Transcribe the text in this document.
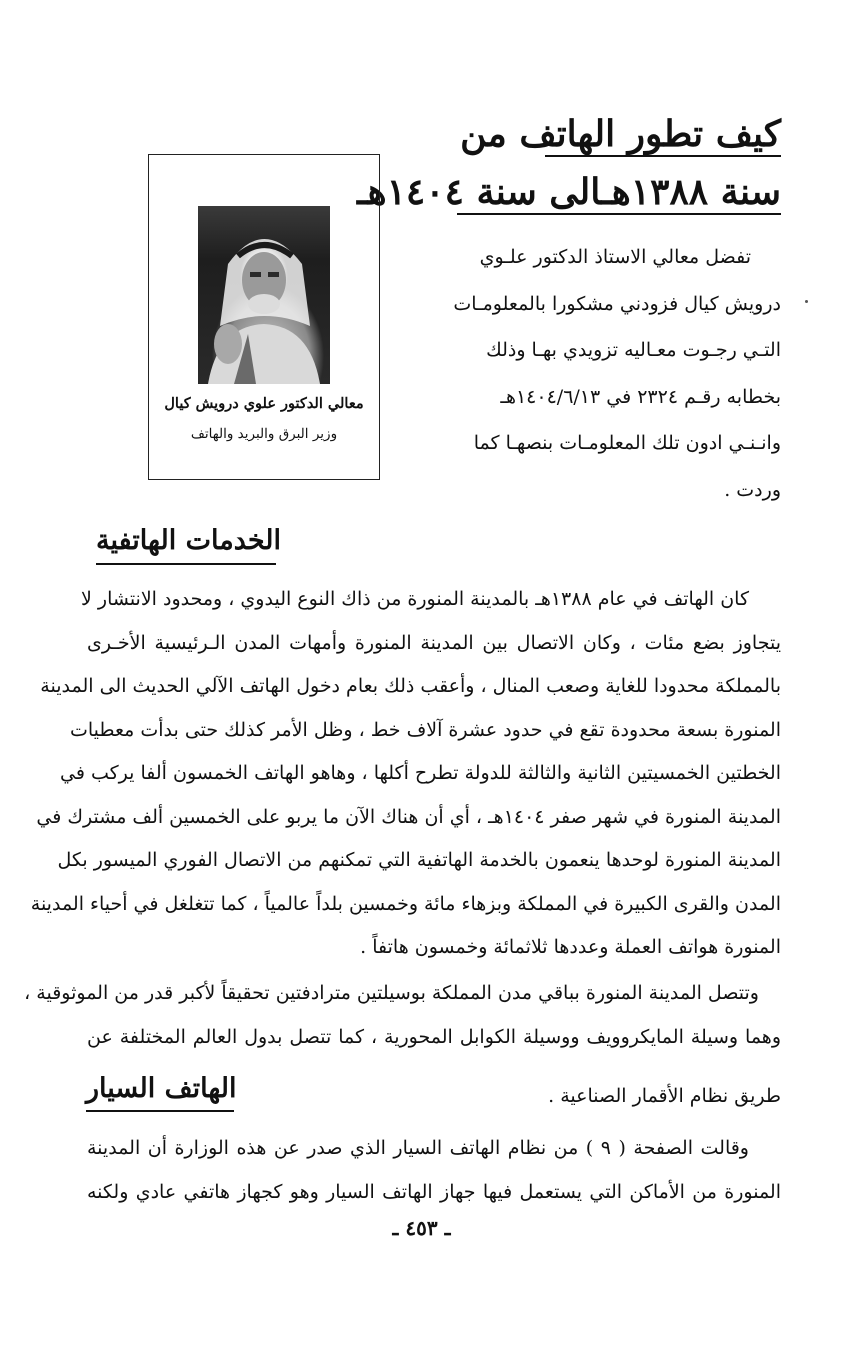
كيف تطور الهاتف من
سنة ١٣٨٨هـالى سنة ١٤٠٤هـ
تفضل معالي الاستاذ الدكتور علـوي
درويش كيال فزودني مشكورا بالمعلومـات
التـي رجـوت معـاليه تزويدي بهـا وذلك
بخطابه رقـم ٢٣٢٤ في ١٤٠٤/٦/١٣هـ
وانـنـي ادون تلك المعلومـات بنصهـا كما
وردت .
معالي الدكتور علوي درويش كيال
وزير البرق والبريد والهاتف
الخدمات الهاتفية
كان الهاتف في عام ١٣٨٨هـ بالمدينة المنورة من ذاك النوع اليدوي ، ومحدود الانتشار لا
يتجاوز بضع مئات ، وكان الاتصال بين المدينة المنورة وأمهات المدن الـرئيسية الأخـرى
بالمملكة محدودا للغاية وصعب المنال ، وأعقب ذلك بعام دخول الهاتف الآلي الحديث الى المدينة
المنورة بسعة محدودة تقع في حدود عشرة آلاف خط ، وظل الأمر كذلك حتى بدأت معطيات
الخطتين الخمسيتين الثانية والثالثة للدولة تطرح أكلها ، وهاهو الهاتف الخمسون ألفا يركب في
المدينة المنورة في شهر صفر ١٤٠٤هـ ، أي أن هناك الآن ما يربو على الخمسين ألف مشترك في
المدينة المنورة لوحدها ينعمون بالخدمة الهاتفية التي تمكنهم من الاتصال الفوري الميسور بكل
المدن والقرى الكبيرة في المملكة وبزهاء مائة وخمسين بلداً عالمياً ، كما تتغلغل في أحياء المدينة
المنورة هواتف العملة وعددها ثلاثمائة وخمسون هاتفاً .
وتتصل المدينة المنورة بباقي مدن المملكة بوسيلتين مترادفتين تحقيقاً لأكبر قدر من الموثوقية ،
وهما وسيلة المايكروويف ووسيلة الكوابل المحورية ، كما تتصل بدول العالم المختلفة عن
طريق نظام الأقمار الصناعية .
الهاتف السيار
وقالت الصفحة ( ٩ ) من نظام الهاتف السيار الذي صدر عن هذه الوزارة أن المدينة
المنورة من الأماكن التي يستعمل فيها جهاز الهاتف السيار وهو كجهاز هاتفي عادي ولكنه
ـ ٤٥٣ ـ
